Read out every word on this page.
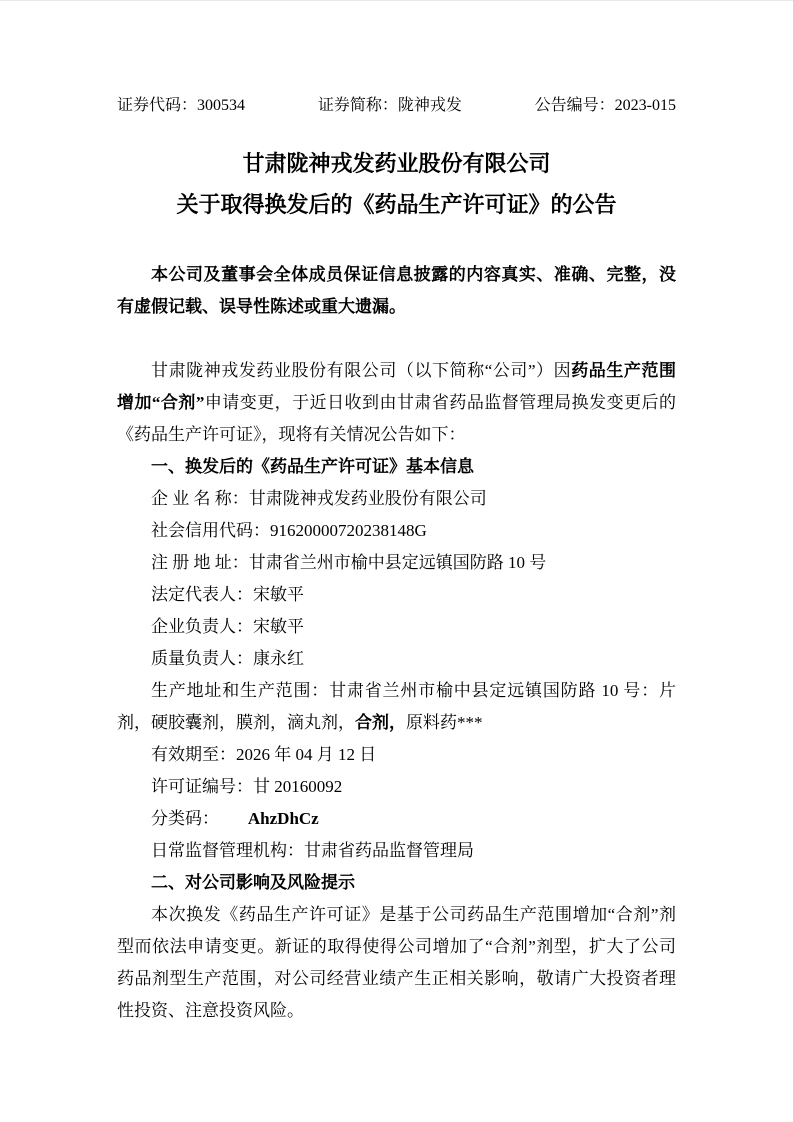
证券代码：300534	证券简称：陇神戎发	公告编号：2023-015
甘肃陇神戎发药业股份有限公司
关于取得换发后的《药品生产许可证》的公告

本公司及董事会全体成员保证信息披露的内容真实、准确、完整，没有虚假记载、误导性陈述或重大遗漏。

甘肃陇神戎发药业股份有限公司（以下简称“公司”）因药品生产范围增加“合剂”申请变更，于近日收到由甘肃省药品监督管理局换发变更后的《药品生产许可证》，现将有关情况公告如下：

一、换发后的《药品生产许可证》基本信息

企 业 名 称：甘肃陇神戎发药业股份有限公司

社会信用代码：91620000720238148G

注 册 地 址：甘肃省兰州市榆中县定远镇国防路 10 号

法定代表人：宋敏平

企业负责人：宋敏平

质量负责人：康永红

生产地址和生产范围：甘肃省兰州市榆中县定远镇国防路 10 号：片剂，硬胶囊剂，膜剂，滴丸剂，合剂，原料药***

有效期至：2026 年 04 月 12 日

许可证编号：甘 20160092

分类码： AhzDhCz

日常监督管理机构：甘肃省药品监督管理局

二、对公司影响及风险提示

本次换发《药品生产许可证》是基于公司药品生产范围增加“合剂”剂型而依法申请变更。新证的取得使得公司增加了“合剂”剂型，扩大了公司药品剂型生产范围，对公司经营业绩产生正相关影响，敬请广大投资者理性投资、注意投资风险。
